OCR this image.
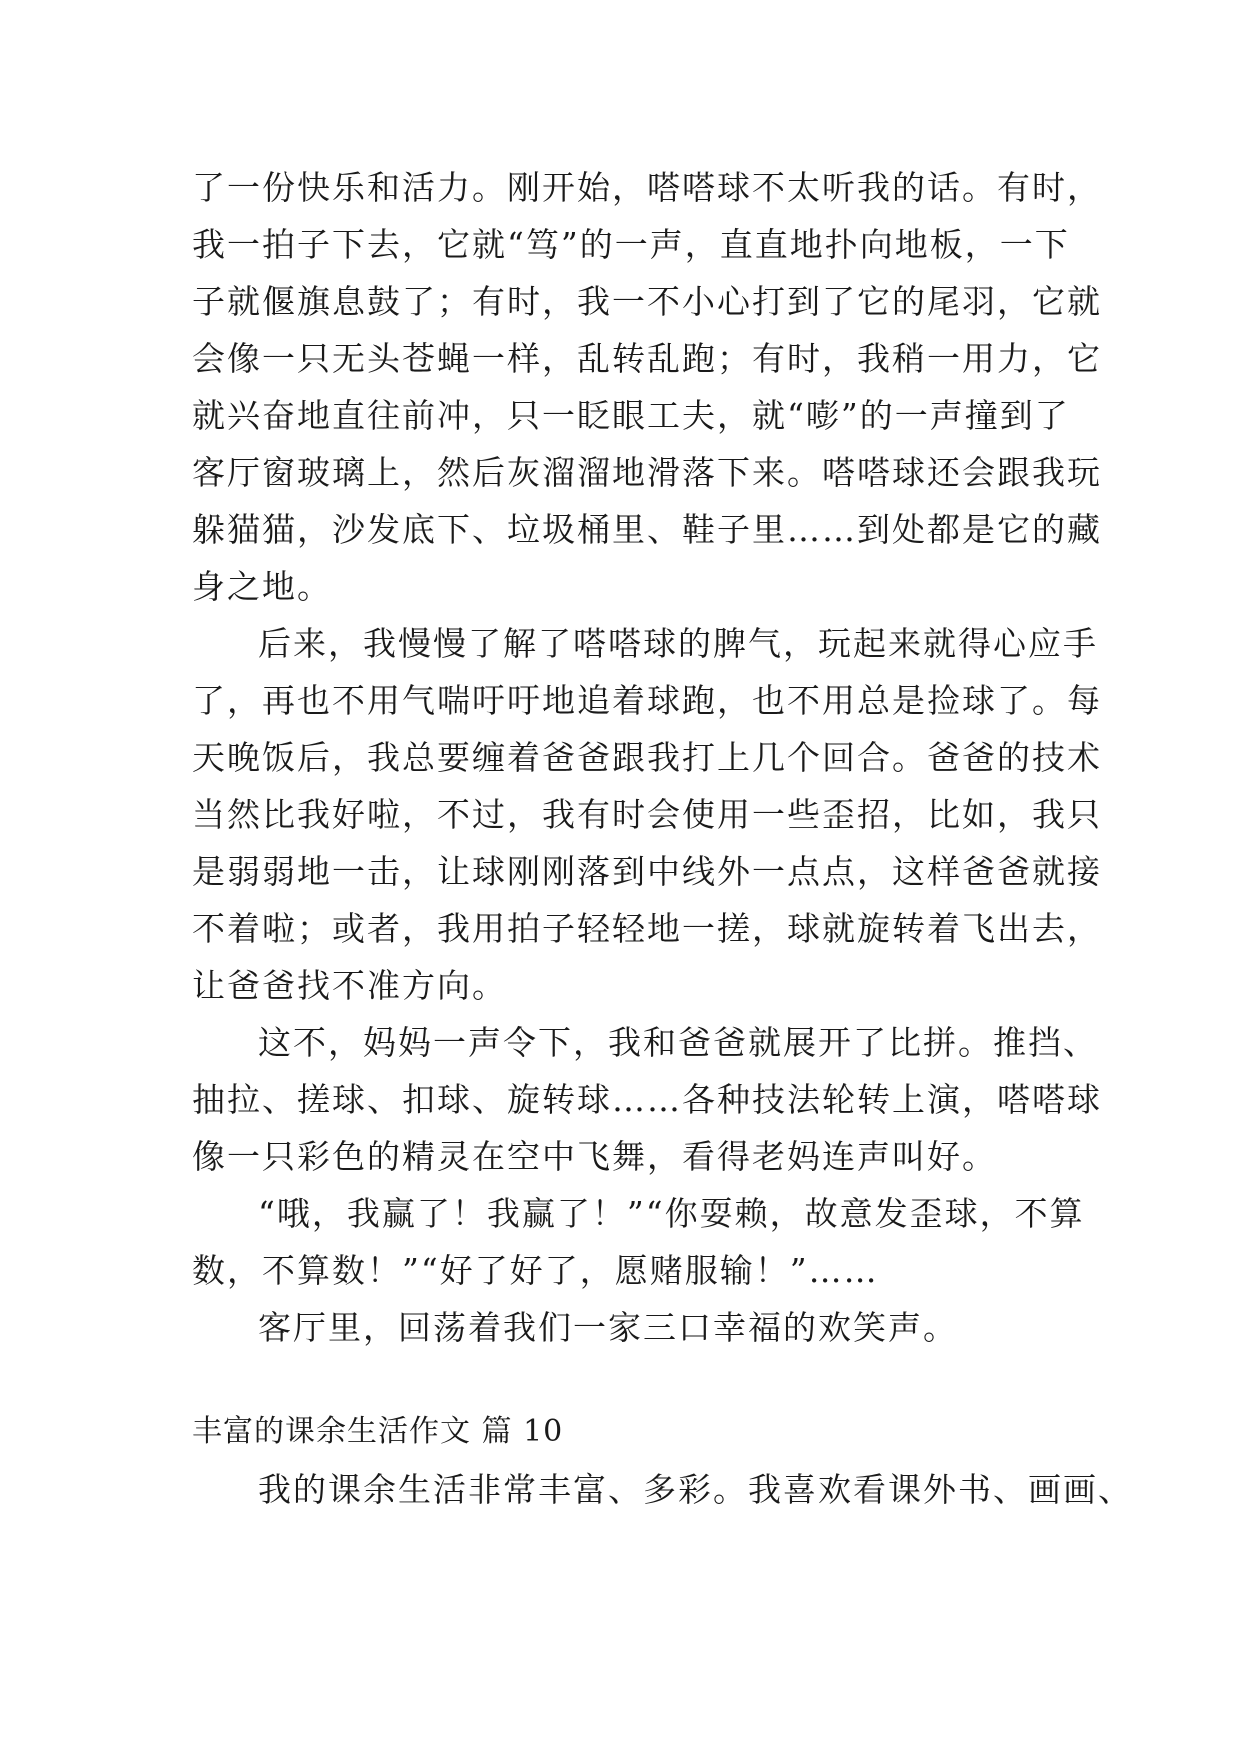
了一份快乐和活力。刚开始，嗒嗒球不太听我的话。有时，
我一拍子下去，它就“笃”的一声，直直地扑向地板，一下
子就偃旗息鼓了；有时，我一不小心打到了它的尾羽，它就
会像一只无头苍蝇一样，乱转乱跑；有时，我稍一用力，它
就兴奋地直往前冲，只一眨眼工夫，就“嘭”的一声撞到了
客厅窗玻璃上，然后灰溜溜地滑落下来。嗒嗒球还会跟我玩
躲猫猫，沙发底下、垃圾桶里、鞋子里……到处都是它的藏
身之地。
后来，我慢慢了解了嗒嗒球的脾气，玩起来就得心应手
了，再也不用气喘吁吁地追着球跑，也不用总是捡球了。每
天晚饭后，我总要缠着爸爸跟我打上几个回合。爸爸的技术
当然比我好啦，不过，我有时会使用一些歪招，比如，我只
是弱弱地一击，让球刚刚落到中线外一点点，这样爸爸就接
不着啦；或者，我用拍子轻轻地一搓，球就旋转着飞出去，
让爸爸找不准方向。
这不，妈妈一声令下，我和爸爸就展开了比拼。推挡、
抽拉、搓球、扣球、旋转球……各种技法轮转上演，嗒嗒球
像一只彩色的精灵在空中飞舞，看得老妈连声叫好。
“哦，我赢了！我赢了！”“你耍赖，故意发歪球，不算
数，不算数！”“好了好了，愿赌服输！”……
客厅里，回荡着我们一家三口幸福的欢笑声。
丰富的课余生活作文 篇 10
我的课余生活非常丰富、多彩。我喜欢看课外书、画画、
